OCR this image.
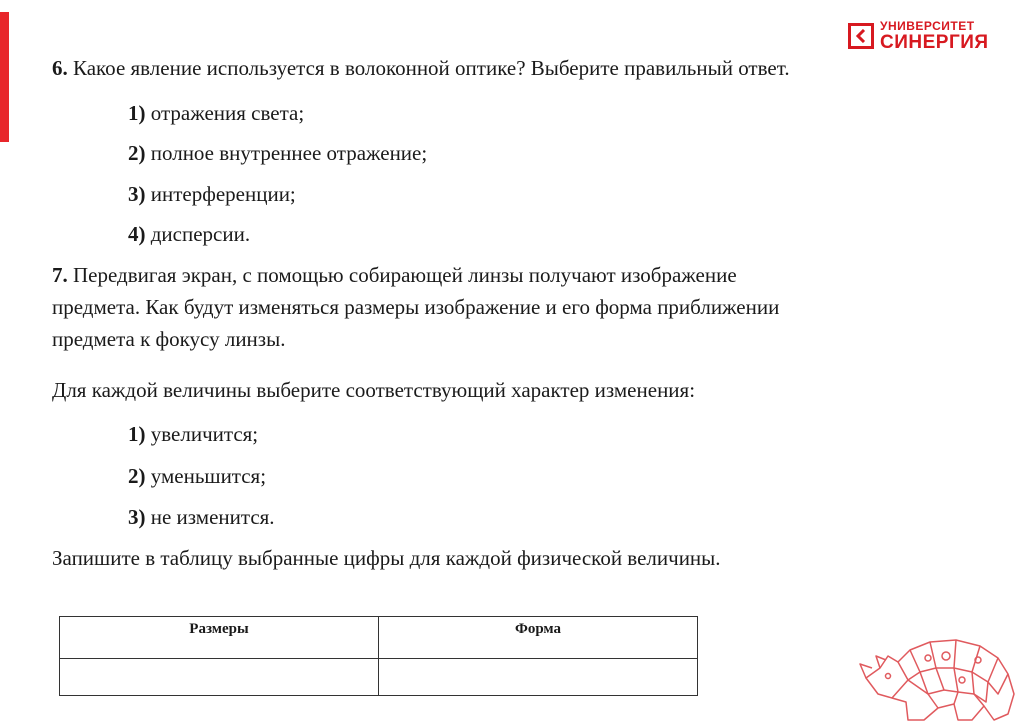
УНИВЕРСИТЕТ
СИНЕРГИЯ
6. Какое явление используется в волоконной оптике? Выберите правильный ответ.
1) отражения света;
2) полное внутреннее отражение;
3) интерференции;
4) дисперсии.
7. Передвигая экран, с помощью собирающей линзы получают изображение
предмета. Как будут изменяться размеры изображение и его форма приближении
предмета к фокусу линзы.
Для каждой величины выберите соответствующий характер изменения:
1) увеличится;
2) уменьшится;
3) не изменится.
Запишите в таблицу выбранные цифры для каждой физической величины.
Размеры	Форма
